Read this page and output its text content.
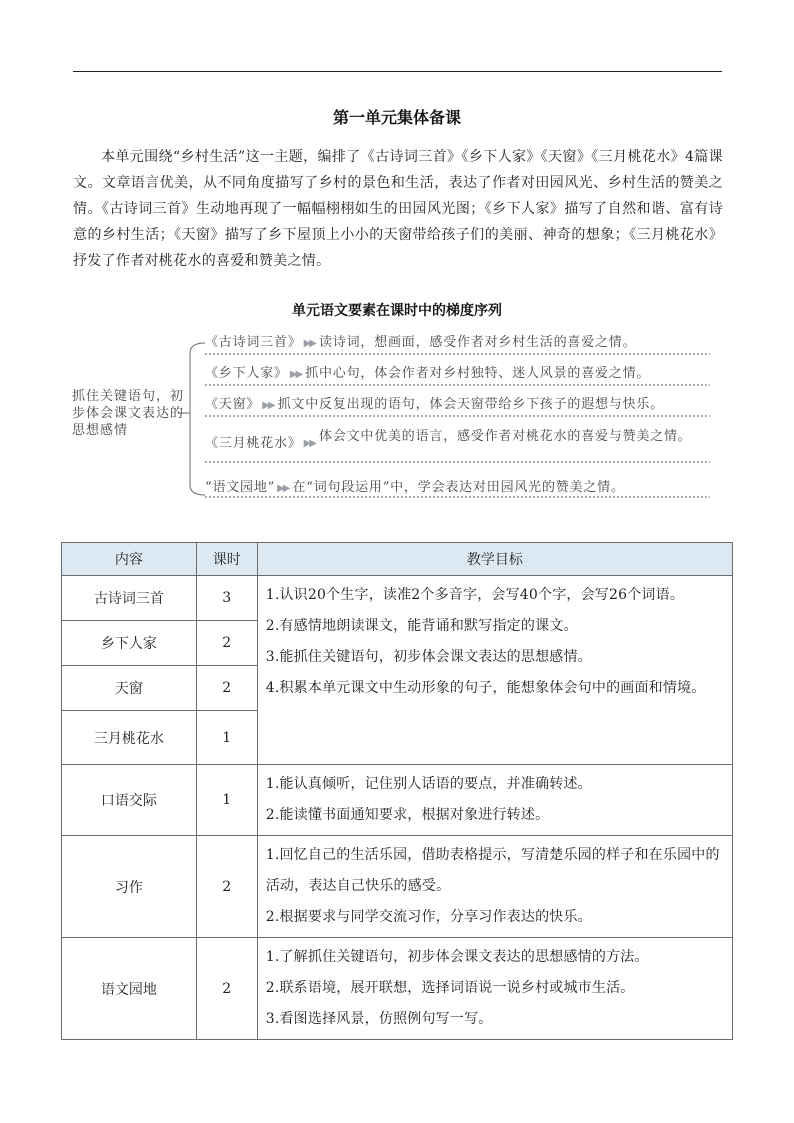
第一单元集体备课

本单元围绕“乡村生活”这一主题，编排了《古诗词三首》《乡下人家》《天窗》《三月桃花水》4篇课文。文章语言优美，从不同角度描写了乡村的景色和生活，表达了作者对田园风光、乡村生活的赞美之情。《古诗词三首》生动地再现了一幅幅栩栩如生的田园风光图；《乡下人家》描写了自然和谐、富有诗意的乡村生活；《天窗》描写了乡下屋顶上小小的天窗带给孩子们的美丽、神奇的想象；《三月桃花水》抒发了作者对桃花水的喜爱和赞美之情。

单元语文要素在课时中的梯度序列
抓住关键语句，初步体会课文表达的思想感情
《古诗词三首》 ▶▶ 读诗词，想画面，感受作者对乡村生活的喜爱之情。
《乡下人家》 ▶▶ 抓中心句，体会作者对乡村独特、迷人风景的喜爱之情。
《天窗》 ▶▶ 抓文中反复出现的语句，体会天窗带给乡下孩子的遐想与快乐。
《三月桃花水》 ▶▶ 体会文中优美的语言，感受作者对桃花水的喜爱与赞美之情。
“语文园地” ▶▶ 在“词句段运用”中，学会表达对田园风光的赞美之情。
内容	课时	教学目标
古诗词三首	3	1.认识20个生字，读准2个多音字，会写40个字，会写26个词语。
2.有感情地朗读课文，能背诵和默写指定的课文。
3.能抓住关键语句，初步体会课文表达的思想感情。
4.积累本单元课文中生动形象的句子，能想象体会句中的画面和情境。

乡下人家	2	
天窗	2	
三月桃花水	1	
口语交际	1	1.能认真倾听，记住别人话语的要点，并准确转述。
2.能读懂书面通知要求，根据对象进行转述。

习作	2	1.回忆自己的生活乐园，借助表格提示，写清楚乐园的样子和在乐园中的活动，表达自己快乐的感受。
2.根据要求与同学交流习作，分享习作表达的快乐。

语文园地	2	1.了解抓住关键语句，初步体会课文表达的思想感情的方法。
2.联系语境，展开联想，选择词语说一说乡村或城市生活。
3.看图选择风景，仿照例句写一写。
